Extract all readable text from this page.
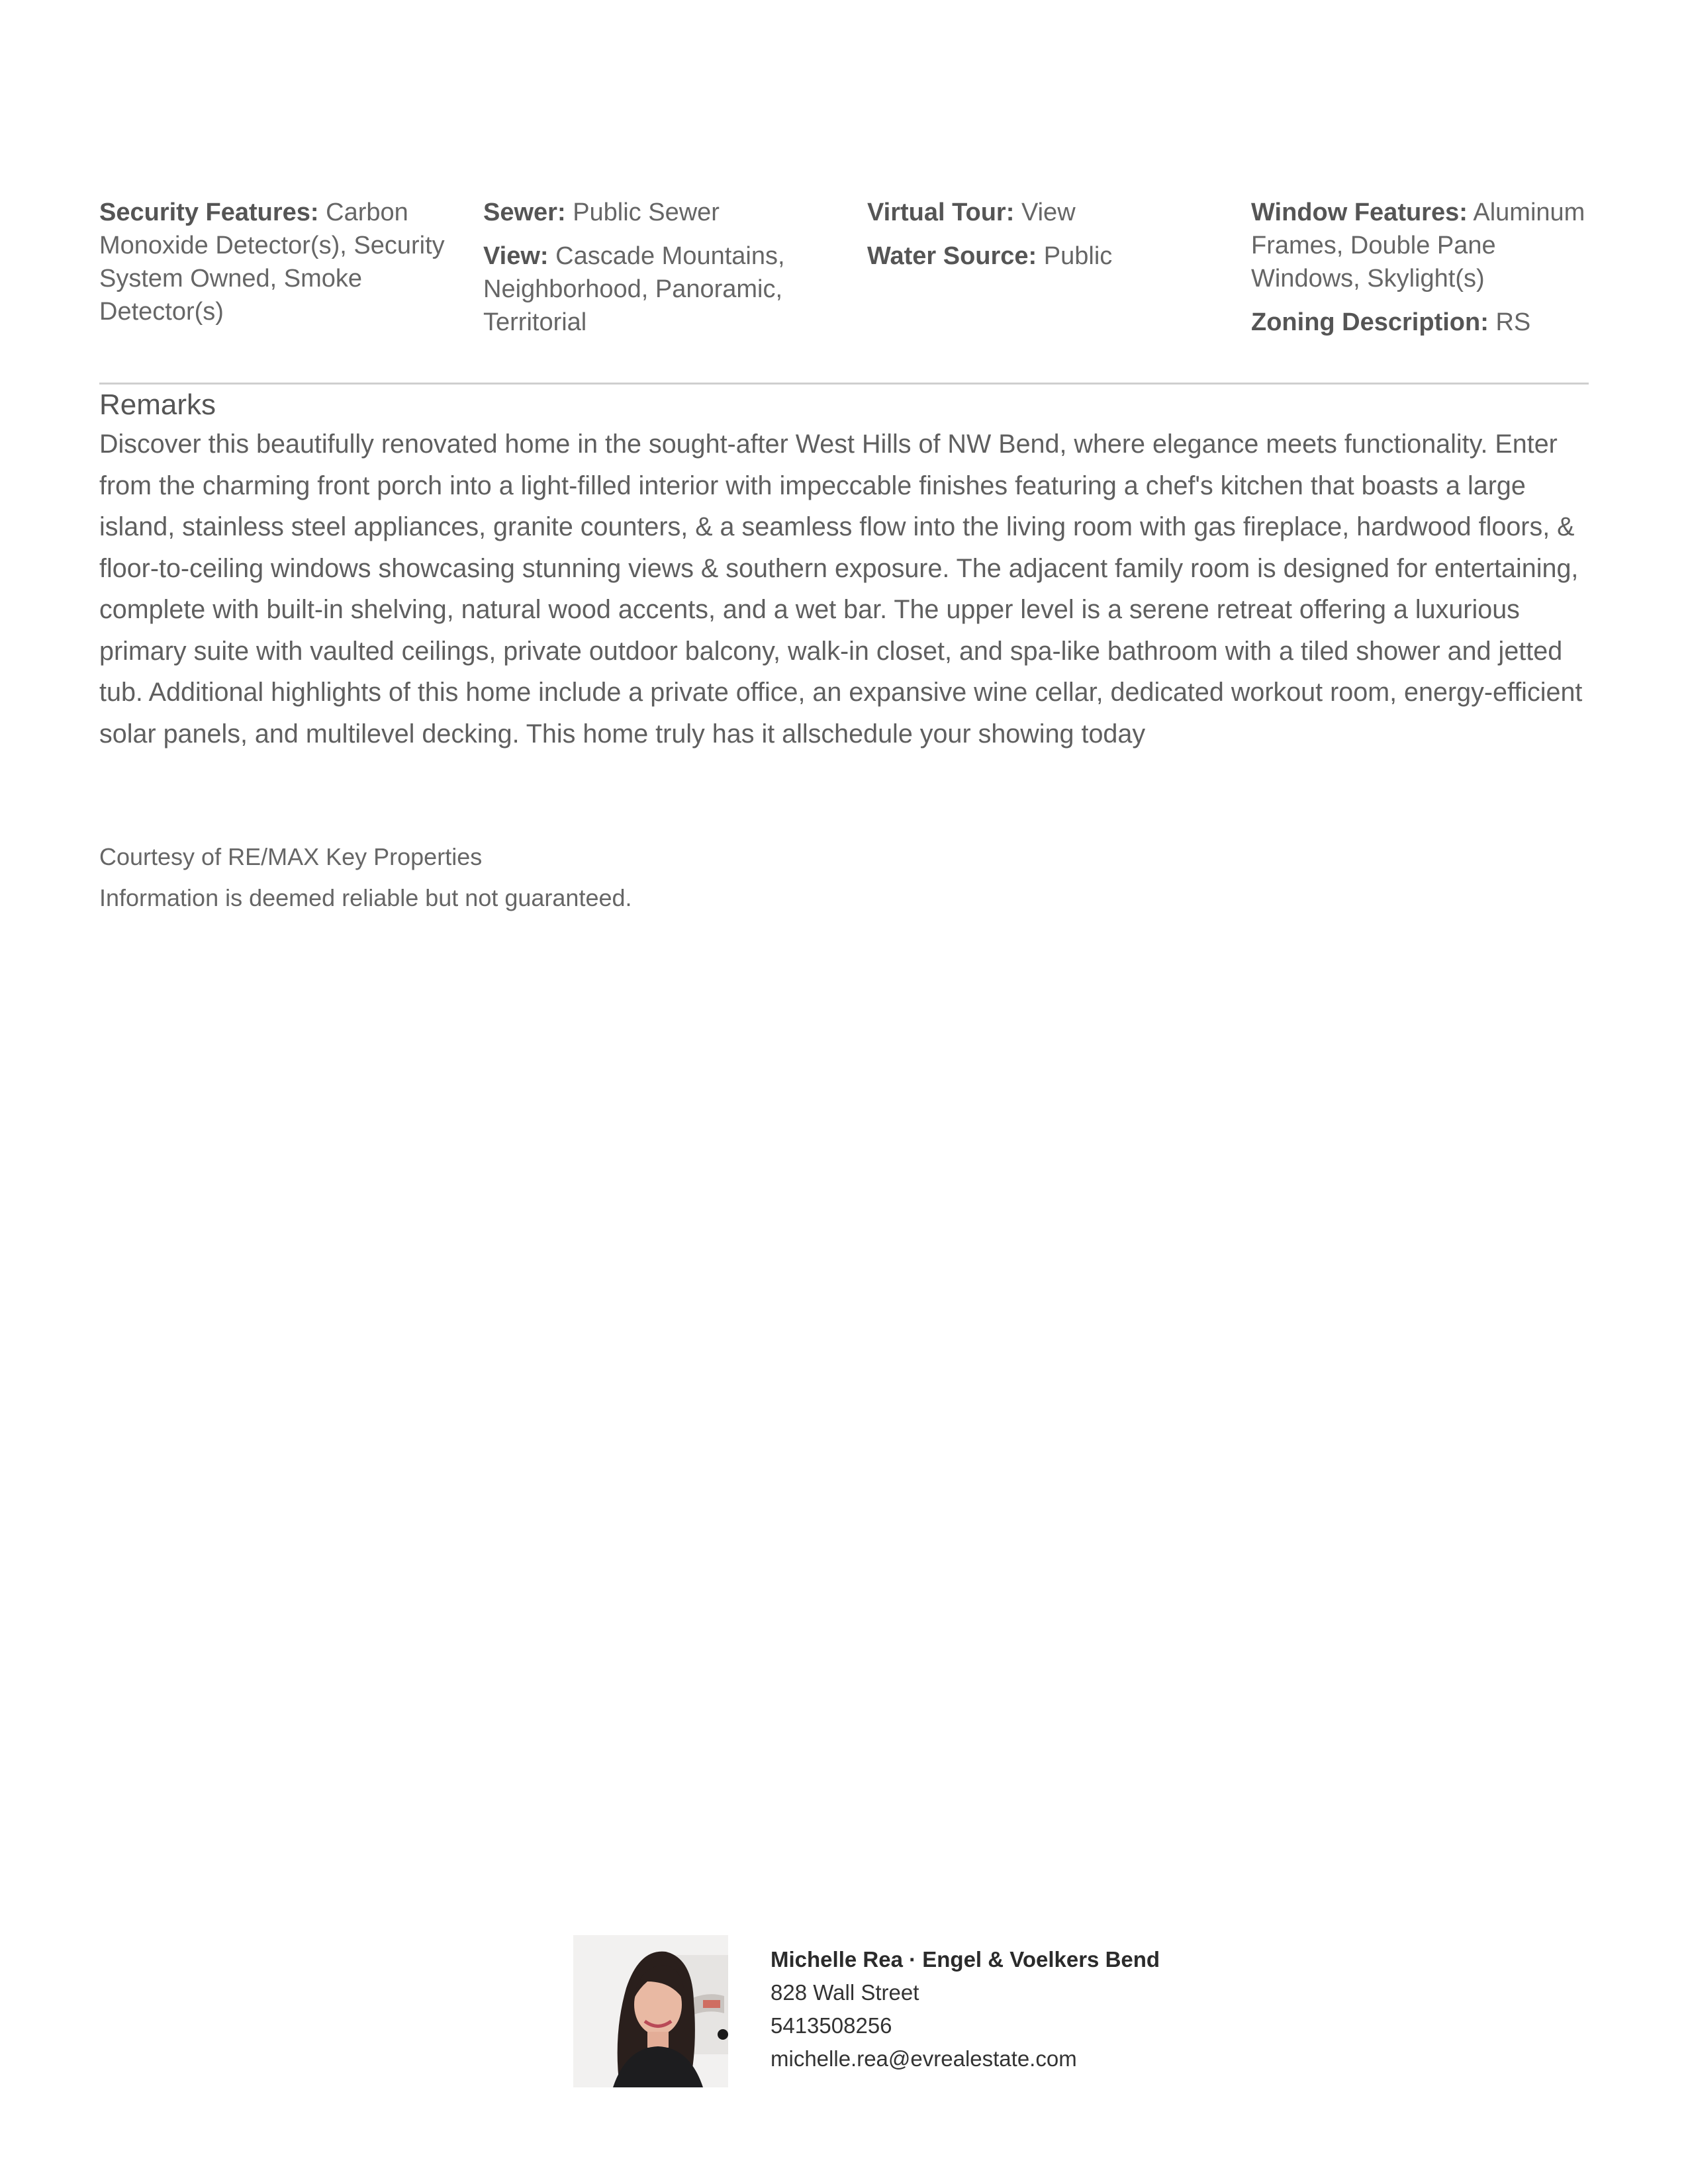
Security Features: Carbon Monoxide Detector(s), Security System Owned, Smoke Detector(s)
Sewer: Public Sewer
View: Cascade Mountains, Neighborhood, Panoramic, Territorial
Virtual Tour: View
Water Source: Public
Window Features: Aluminum Frames, Double Pane Windows, Skylight(s)
Zoning Description: RS
Remarks
Discover this beautifully renovated home in the sought-after West Hills of NW Bend, where elegance meets functionality. Enter from the charming front porch into a light-filled interior with impeccable finishes featuring a chef's kitchen that boasts a large island, stainless steel appliances, granite counters, & a seamless flow into the living room with gas fireplace, hardwood floors, & floor-to-ceiling windows showcasing stunning views & southern exposure. The adjacent family room is designed for entertaining, complete with built-in shelving, natural wood accents, and a wet bar. The upper level is a serene retreat offering a luxurious primary suite with vaulted ceilings, private outdoor balcony, walk-in closet, and spa-like bathroom with a tiled shower and jetted tub. Additional highlights of this home include a private office, an expansive wine cellar, dedicated workout room, energy-efficient solar panels, and multilevel decking. This home truly has it allschedule your showing today
Courtesy of RE/MAX Key Properties
Information is deemed reliable but not guaranteed.
Michelle Rea · Engel & Voelkers Bend
828 Wall Street
5413508256
michelle.rea@evrealestate.com
